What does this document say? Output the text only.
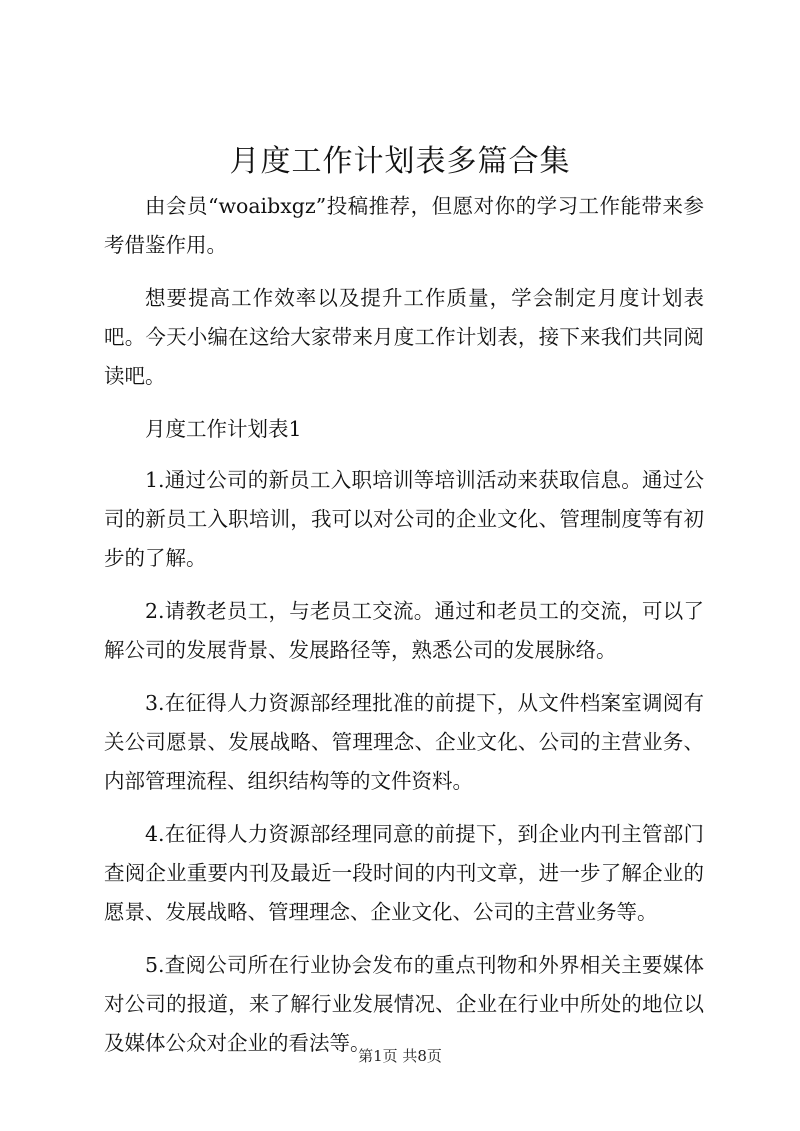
月度工作计划表多篇合集

由会员“woaibxgz”投稿推荐，但愿对你的学习工作能带来参考借鉴作用。

想要提高工作效率以及提升工作质量，学会制定月度计划表吧。今天小编在这给大家带来月度工作计划表，接下来我们共同阅读吧。

月度工作计划表1

1.通过公司的新员工入职培训等培训活动来获取信息。通过公司的新员工入职培训，我可以对公司的企业文化、管理制度等有初步的了解。

2.请教老员工，与老员工交流。通过和老员工的交流，可以了解公司的发展背景、发展路径等，熟悉公司的发展脉络。

3.在征得人力资源部经理批准的前提下，从文件档案室调阅有关公司愿景、发展战略、管理理念、企业文化、公司的主营业务、内部管理流程、组织结构等的文件资料。

4.在征得人力资源部经理同意的前提下，到企业内刊主管部门查阅企业重要内刊及最近一段时间的内刊文章，进一步了解企业的愿景、发展战略、管理理念、企业文化、公司的主营业务等。

5.查阅公司所在行业协会发布的重点刊物和外界相关主要媒体对公司的报道，来了解行业发展情况、企业在行业中所处的地位以及媒体公众对企业的看法等。

第1页 共8页
